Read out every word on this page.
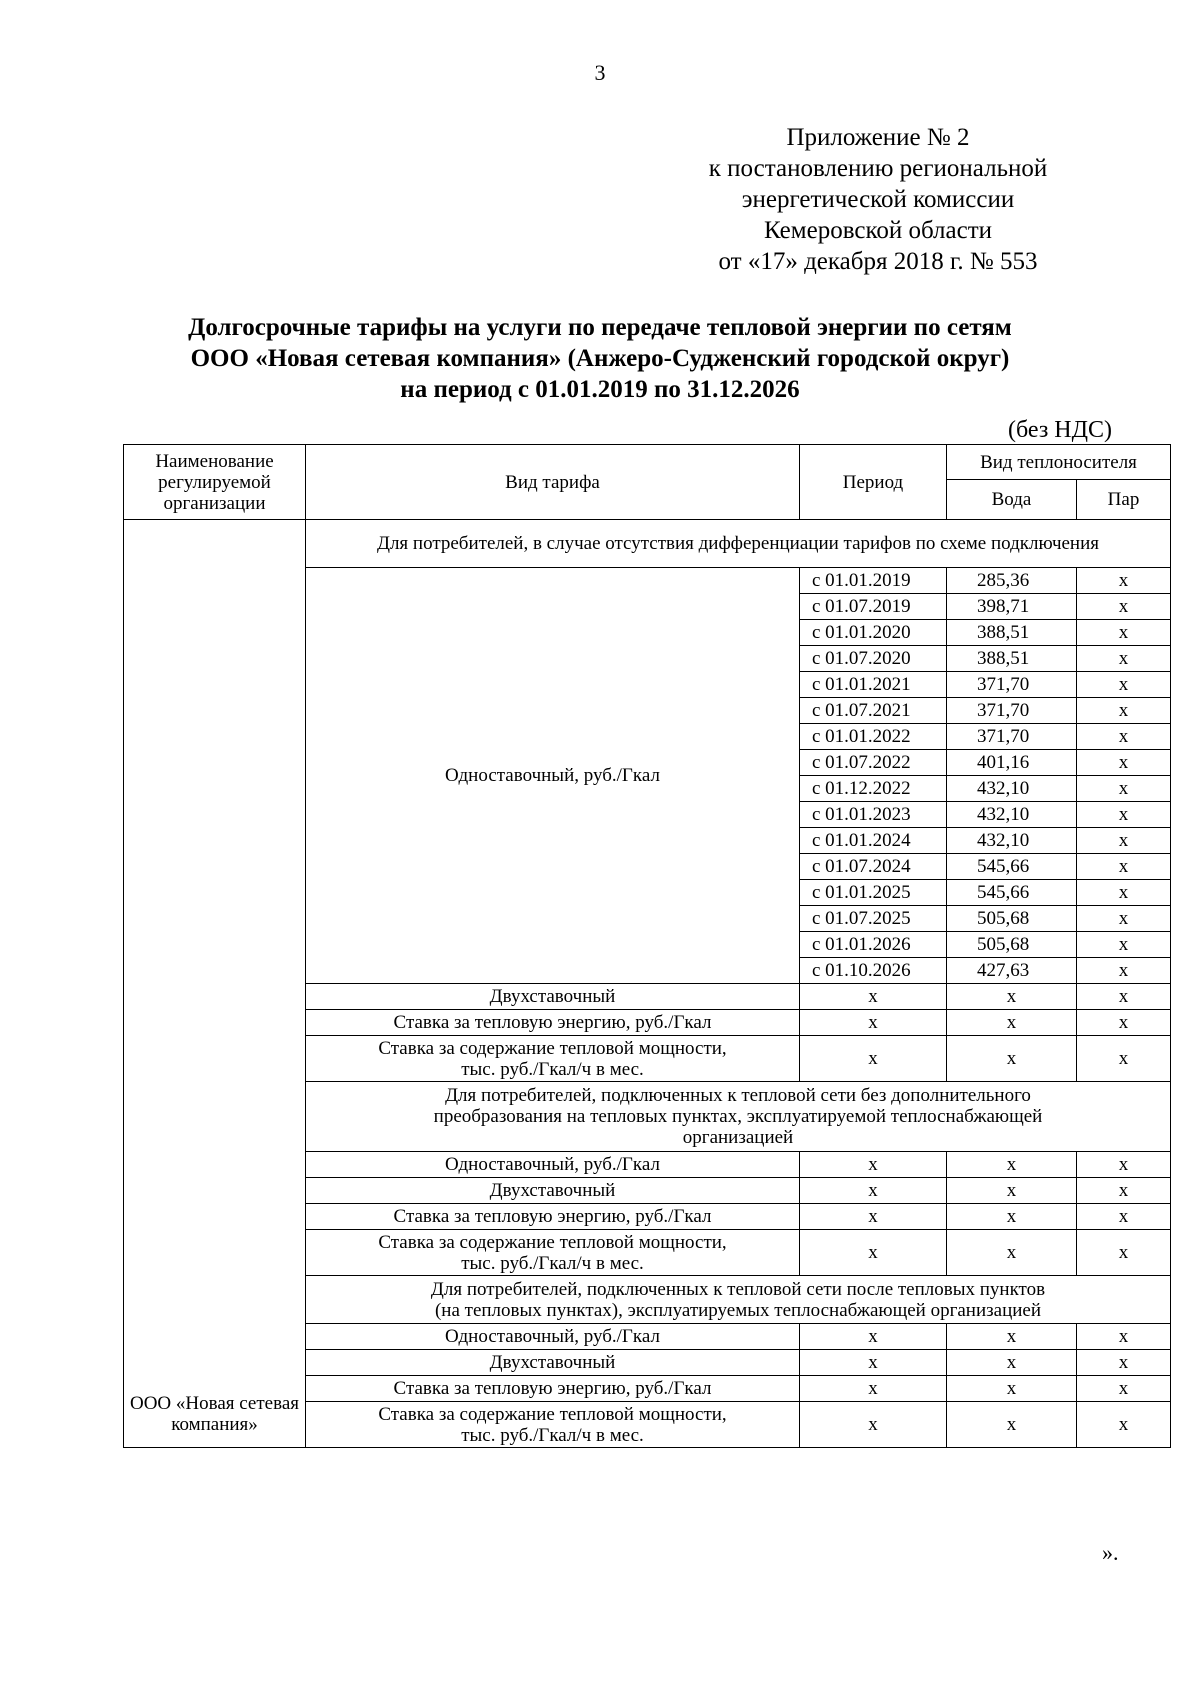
3
Приложение № 2
к постановлению региональной
энергетической комиссии
Кемеровской области
от «17» декабря 2018 г. № 553
Долгосрочные тарифы на услуги по передаче тепловой энергии по сетям
ООО «Новая сетевая компания» (Анжеро-Судженский городской округ)
на период с 01.01.2019 по 31.12.2026
(без НДС)
Наименование регулируемой организации	Вид тарифа	Период	Вид теплоносителя	
			Вода	Пар
ООО «Новая сетевая компания»	Для потребителей, в случае отсутствия дифференциации тарифов по схеме подключения			
	Одноставочный, руб./Гкал	с 01.01.2019	285,36	х
		с 01.07.2019	398,71	х
		с 01.01.2020	388,51	х
		с 01.07.2020	388,51	х
		с 01.01.2021	371,70	х
		с 01.07.2021	371,70	х
		с 01.01.2022	371,70	х
		с 01.07.2022	401,16	х
		с 01.12.2022	432,10	х
		с 01.01.2023	432,10	х
		с 01.01.2024	432,10	х
		с 01.07.2024	545,66	х
		с 01.01.2025	545,66	х
		с 01.07.2025	505,68	х
		с 01.01.2026	505,68	х
		с 01.10.2026	427,63	х
	Двухставочный	х	х	х
	Ставка за тепловую энергию, руб./Гкал	х	х	х
	Ставка за содержание тепловой мощности,
тыс. руб./Гкал/ч в мес.	х	х	х
	Для потребителей, подключенных к тепловой сети без дополнительного
преобразования на тепловых пунктах, эксплуатируемой теплоснабжающей
организацией			
	Одноставочный, руб./Гкал	х	х	х
	Двухставочный	х	х	х
	Ставка за тепловую энергию, руб./Гкал	х	х	х
	Ставка за содержание тепловой мощности,
тыс. руб./Гкал/ч в мес.	х	х	х
	Для потребителей, подключенных к тепловой сети после тепловых пунктов
(на тепловых пунктах), эксплуатируемых теплоснабжающей организацией			
	Одноставочный, руб./Гкал	х	х	х
	Двухставочный	х	х	х
	Ставка за тепловую энергию, руб./Гкал	х	х	х
	Ставка за содержание тепловой мощности,
тыс. руб./Гкал/ч в мес.	х	х	х
».
